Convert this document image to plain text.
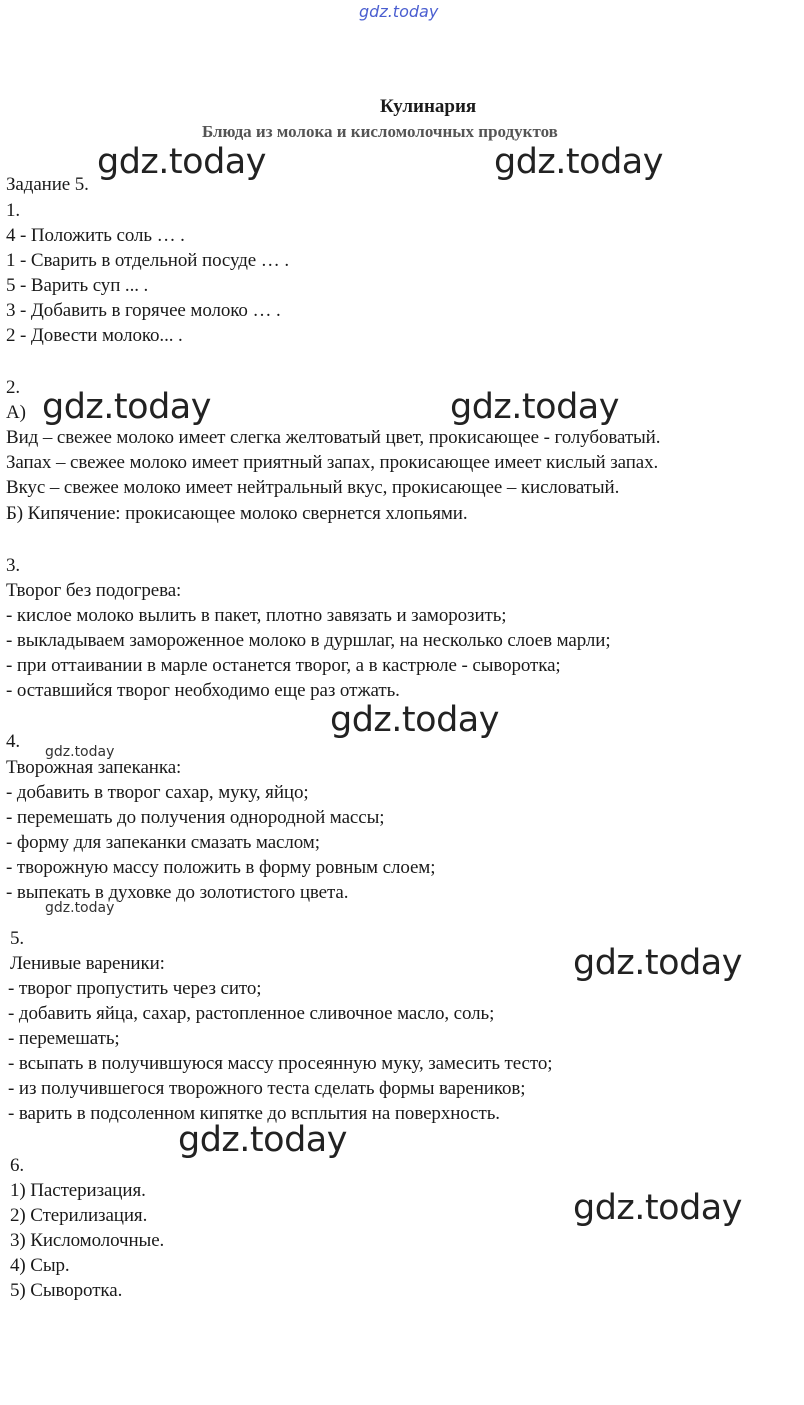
gdz.today
Кулинария
Блюда из молока и кисломолочных продуктов
Задание 5.
1.
4 - Положить соль … .
1 - Сварить в отдельной посуде … .
5 - Варить суп ... .
3 - Добавить в горячее молоко … .
2 - Довести молоко... .
2.
А)
Вид – свежее молоко имеет слегка желтоватый цвет, прокисающее - голубоватый.
Запах – свежее молоко имеет приятный запах, прокисающее имеет кислый запах.
Вкус – свежее молоко имеет нейтральный вкус, прокисающее – кисловатый.
Б) Кипячение: прокисающее молоко свернется хлопьями.
3.
Творог без подогрева:
- кислое молоко вылить в пакет, плотно завязать и заморозить;
- выкладываем замороженное молоко в дуршлаг, на несколько слоев марли;
- при оттаивании в марле останется творог, а в кастрюле - сыворотка;
- оставшийся творог необходимо еще раз отжать.
4.
Творожная запеканка:
- добавить в творог сахар, муку, яйцо;
- перемешать до получения однородной массы;
- форму для запеканки смазать маслом;
- творожную массу положить в форму ровным слоем;
- выпекать в духовке до золотистого цвета.
5.
Ленивые вареники:
- творог пропустить через сито;
- добавить яйца, сахар, растопленное сливочное масло, соль;
- перемешать;
- всыпать в получившуюся массу просеянную муку, замесить тесто;
- из получившегося творожного теста сделать формы вареников;
- варить в подсоленном кипятке до всплытия на поверхность.
6.
1) Пастеризация.
2) Стерилизация.
3) Кисломолочные.
4) Сыр.
5) Сыворотка.
gdz.today	gdz.today
gdz.today	gdz.today
gdz.today
gdz.today
gdz.today
gdz.today
gdz.today
gdz.today
